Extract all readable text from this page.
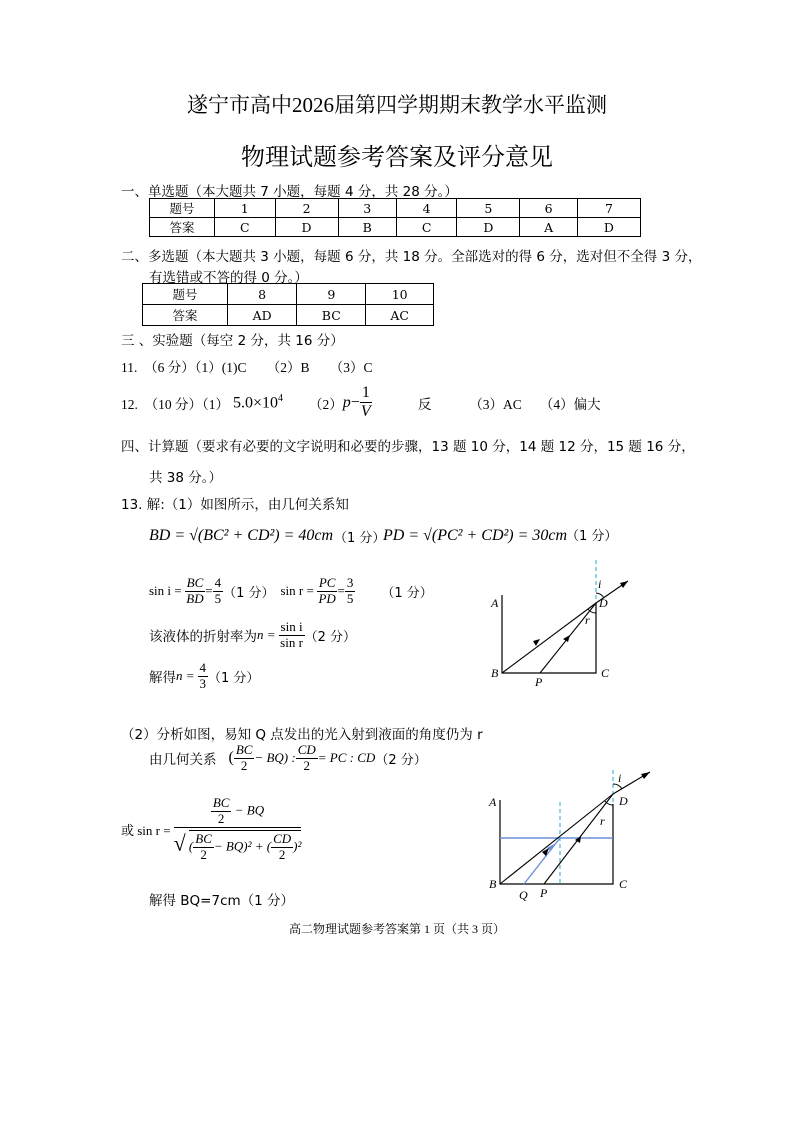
遂宁市高中2026届第四学期期末教学水平监测
物理试题参考答案及评分意见
一、单选题（本大题共 7 小题，每题 4 分，共 28 分。）
题号	1	2	3	4	5	6	7
答案	C	D	B	C	D	A	D
二、多选题（本大题共 3 小题，每题 6 分，共 18 分。全部选对的得 6 分，选对但不全得 3 分，
有选错或不答的得 0 分。）
题号	8	9	10
答案	AD	BC	AC
三 、实验题（每空 2 分，共 16 分）
11.　（6 分）（1）(1)C　　（2）B　　（3）C
12.　（10 分）（1） $5.0\times 10^4$ （2） $p - \frac{1}{V}$	反	（3）AC （4）偏大
四、计算题（要求有必要的文字说明和必要的步骤，13 题 10 分，14 题 12 分，15 题 16 分，
共 38 分。）
13. 解:（1）如图所示，由几何关系知
BD = √(BC² + CD²) = 40cm （1 分）
PD = √(PC² + CD²) = 30cm
（1 分）
$\sin i = \frac{BC}{BD} = \frac{4}{5} (1$ 分） $\sin r = \frac{PC}{PD} = \frac{3}{5} (1$ 分）
该液体的折射率为 $n = \frac{\text{sin i}}{\text{sin r}} (2$ 分）
解得 $n = \frac{4}{3} (1$ 分）
A
B	C
D
P
i
r
（2）分析如图，易知 Q 点发出的光入射到液面的角度仍为 r
由几何关系 ( $\frac{BC}{2} - BQ$) : $\frac{CD}{2}$ = PC : CD （2 分）
或 $\sin r = \frac{\frac{BC}{2} - BQ}{√ ( \frac{BC}{2} - BQ)^2 + ( \frac{CD}{2} )^2}$
解得 BQ=7cm（1 分）
A
B	C
D
P
Q
i
r
高二物理试题参考答案第 1 页（共 3 页）
